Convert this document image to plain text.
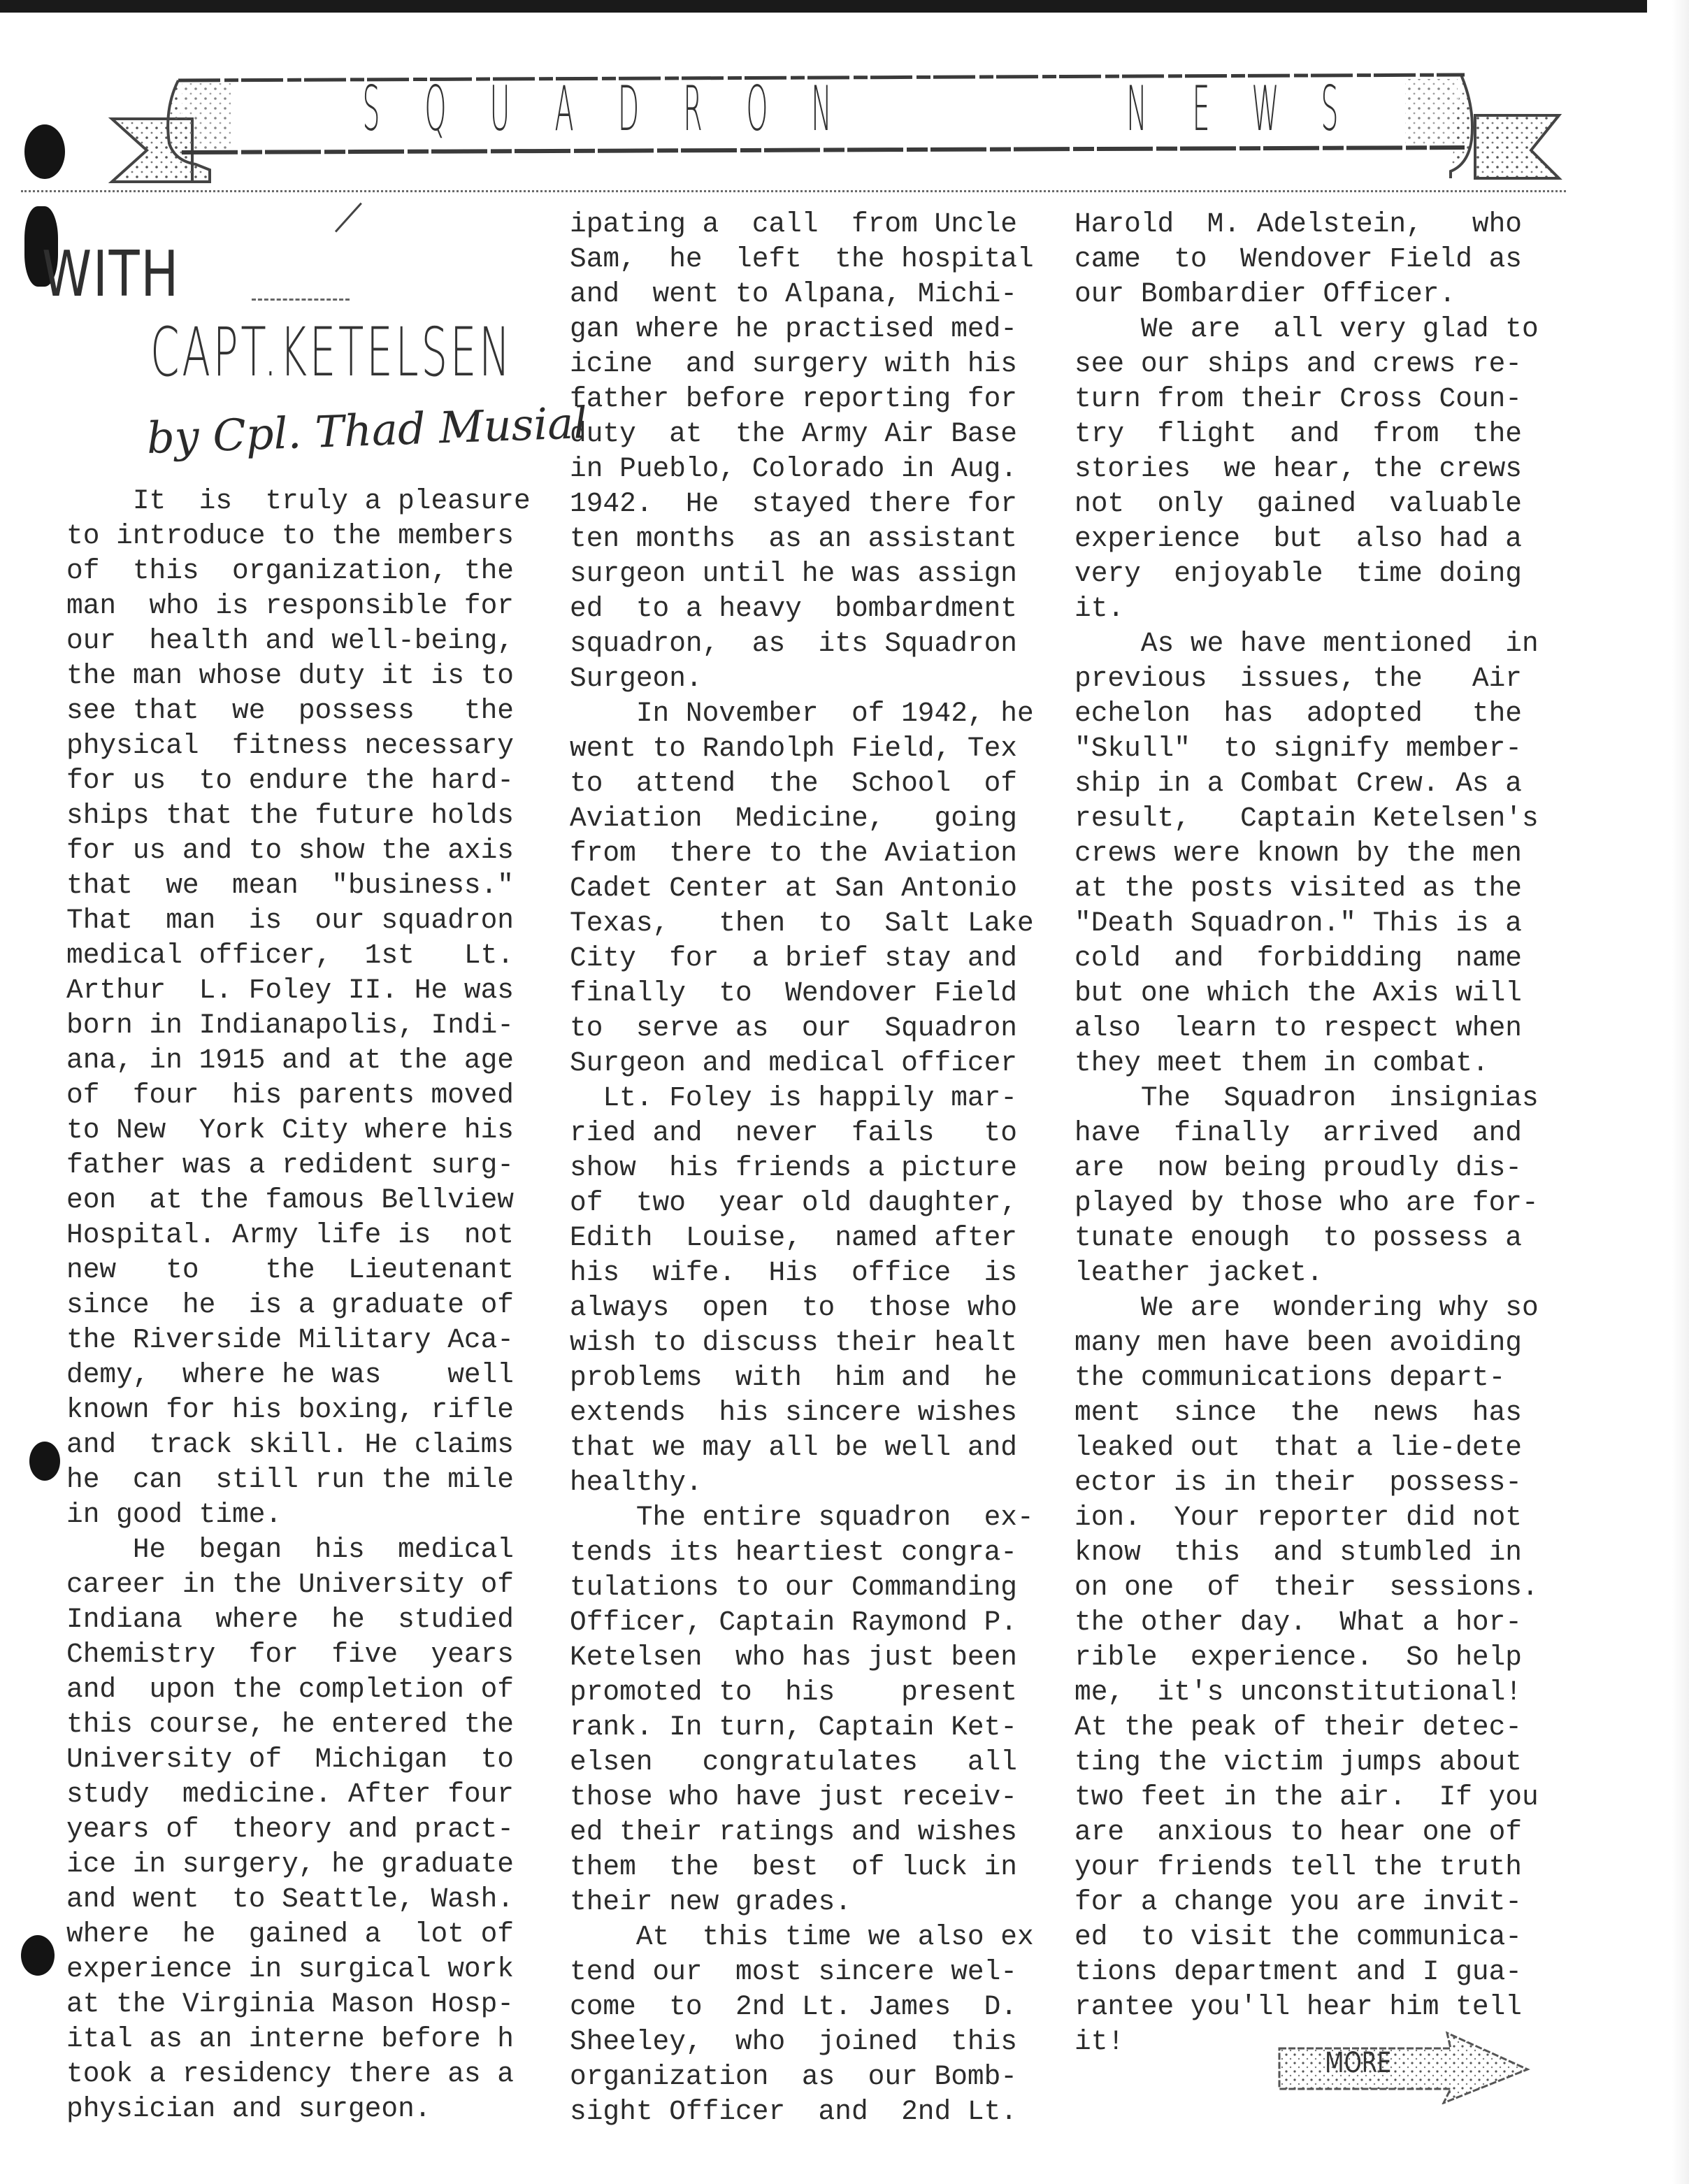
S Q U A D R O N	N E W S
WITH
CAPT.KETELSEN
by Cpl. Thad Musial
It  is  truly a pleasure
to introduce to the members
of  this  organization, the
man  who is responsible for
our  health and well-being,
the man whose duty it is to
see that  we  possess   the
physical  fitness necessary
for us  to endure the hard-
ships that the future holds
for us and to show the axis
that  we  mean  "business."
That  man  is  our squadron
medical officer,  1st   Lt.
Arthur  L. Foley II. He was
born in Indianapolis, Indi-
ana, in 1915 and at the age
of  four  his parents moved
to New  York City where his
father was a redident surg-
eon  at the famous Bellview
Hospital. Army life is  not
new   to    the  Lieutenant
since  he  is a graduate of
the Riverside Military Aca-
demy,  where he was    well
known for his boxing, rifle
and  track skill. He claims
he  can  still run the mile
in good time.
He  began  his  medical
career in the University of
Indiana  where  he  studied
Chemistry  for  five  years
and  upon the completion of
this course, he entered the
University of  Michigan  to
study  medicine. After four
years of  theory and pract-
ice in surgery, he graduate
and went  to Seattle, Wash.
where  he  gained a  lot of
experience in surgical work
at the Virginia Mason Hosp-
ital as an interne before h
took a residency there as a
physician and surgeon.
ipating a  call  from Uncle
Sam,  he  left  the hospital
and  went to Alpana, Michi-
gan where he practised med-
icine  and surgery with his
father before reporting for
duty  at  the Army Air Base
in Pueblo, Colorado in Aug.
1942.  He  stayed there for
ten months  as an assistant
surgeon until he was assign
ed  to a heavy  bombardment
squadron,  as  its Squadron
Surgeon.
In November  of 1942, he
went to Randolph Field, Tex
to  attend  the  School  of
Aviation  Medicine,   going
from  there to the Aviation
Cadet Center at San Antonio
Texas,   then  to  Salt Lake
City  for  a brief stay and
finally  to  Wendover Field
to  serve as  our  Squadron
Surgeon and medical officer
Lt. Foley is happily mar-
ried and  never  fails   to
show  his friends a picture
of  two  year old daughter,
Edith  Louise,  named after
his  wife.  His  office  is
always  open  to  those who
wish to discuss their healt
problems  with  him and  he
extends  his sincere wishes
that we may all be well and
healthy.
The entire squadron  ex-
tends its heartiest congra-
tulations to our Commanding
Officer, Captain Raymond P.
Ketelsen  who has just been
promoted to  his    present
rank. In turn, Captain Ket-
elsen   congratulates   all
those who have just receiv-
ed their ratings and wishes
them  the  best  of luck in
their new grades.
At  this time we also ex
tend our  most sincere wel-
come  to  2nd Lt. James  D.
Sheeley,  who  joined  this
organization  as  our Bomb-
sight Officer  and  2nd Lt.
Harold  M. Adelstein,   who
came  to  Wendover Field as
our Bombardier Officer.
We are  all very glad to
see our ships and crews re-
turn from their Cross Coun-
try  flight  and  from  the
stories  we hear, the crews
not  only  gained  valuable
experience  but  also had a
very  enjoyable  time doing
it.
As we have mentioned  in
previous  issues, the   Air
echelon  has  adopted   the
"Skull"  to signify member-
ship in a Combat Crew. As a
result,   Captain Ketelsen's
crews were known by the men
at the posts visited as the
"Death Squadron." This is a
cold  and  forbidding  name
but one which the Axis will
also  learn to respect when
they meet them in combat.
The  Squadron  insignias
have  finally  arrived  and
are  now being proudly dis-
played by those who are for-
tunate enough  to possess a
leather jacket.
We are  wondering why so
many men have been avoiding
the communications depart-
ment  since  the  news  has
leaked out  that a lie-dete
ector is in their  possess-
ion.  Your reporter did not
know  this  and stumbled in
on one  of  their  sessions.
the other day.  What a hor-
rible  experience.  So help
me,  it's unconstitutional!
At the peak of their detec-
ting the victim jumps about
two feet in the air.  If you
are  anxious to hear one of
your friends tell the truth
for a change you are invit-
ed  to visit the communica-
tions department and I gua-
rantee you'll hear him tell
it!
MORE
